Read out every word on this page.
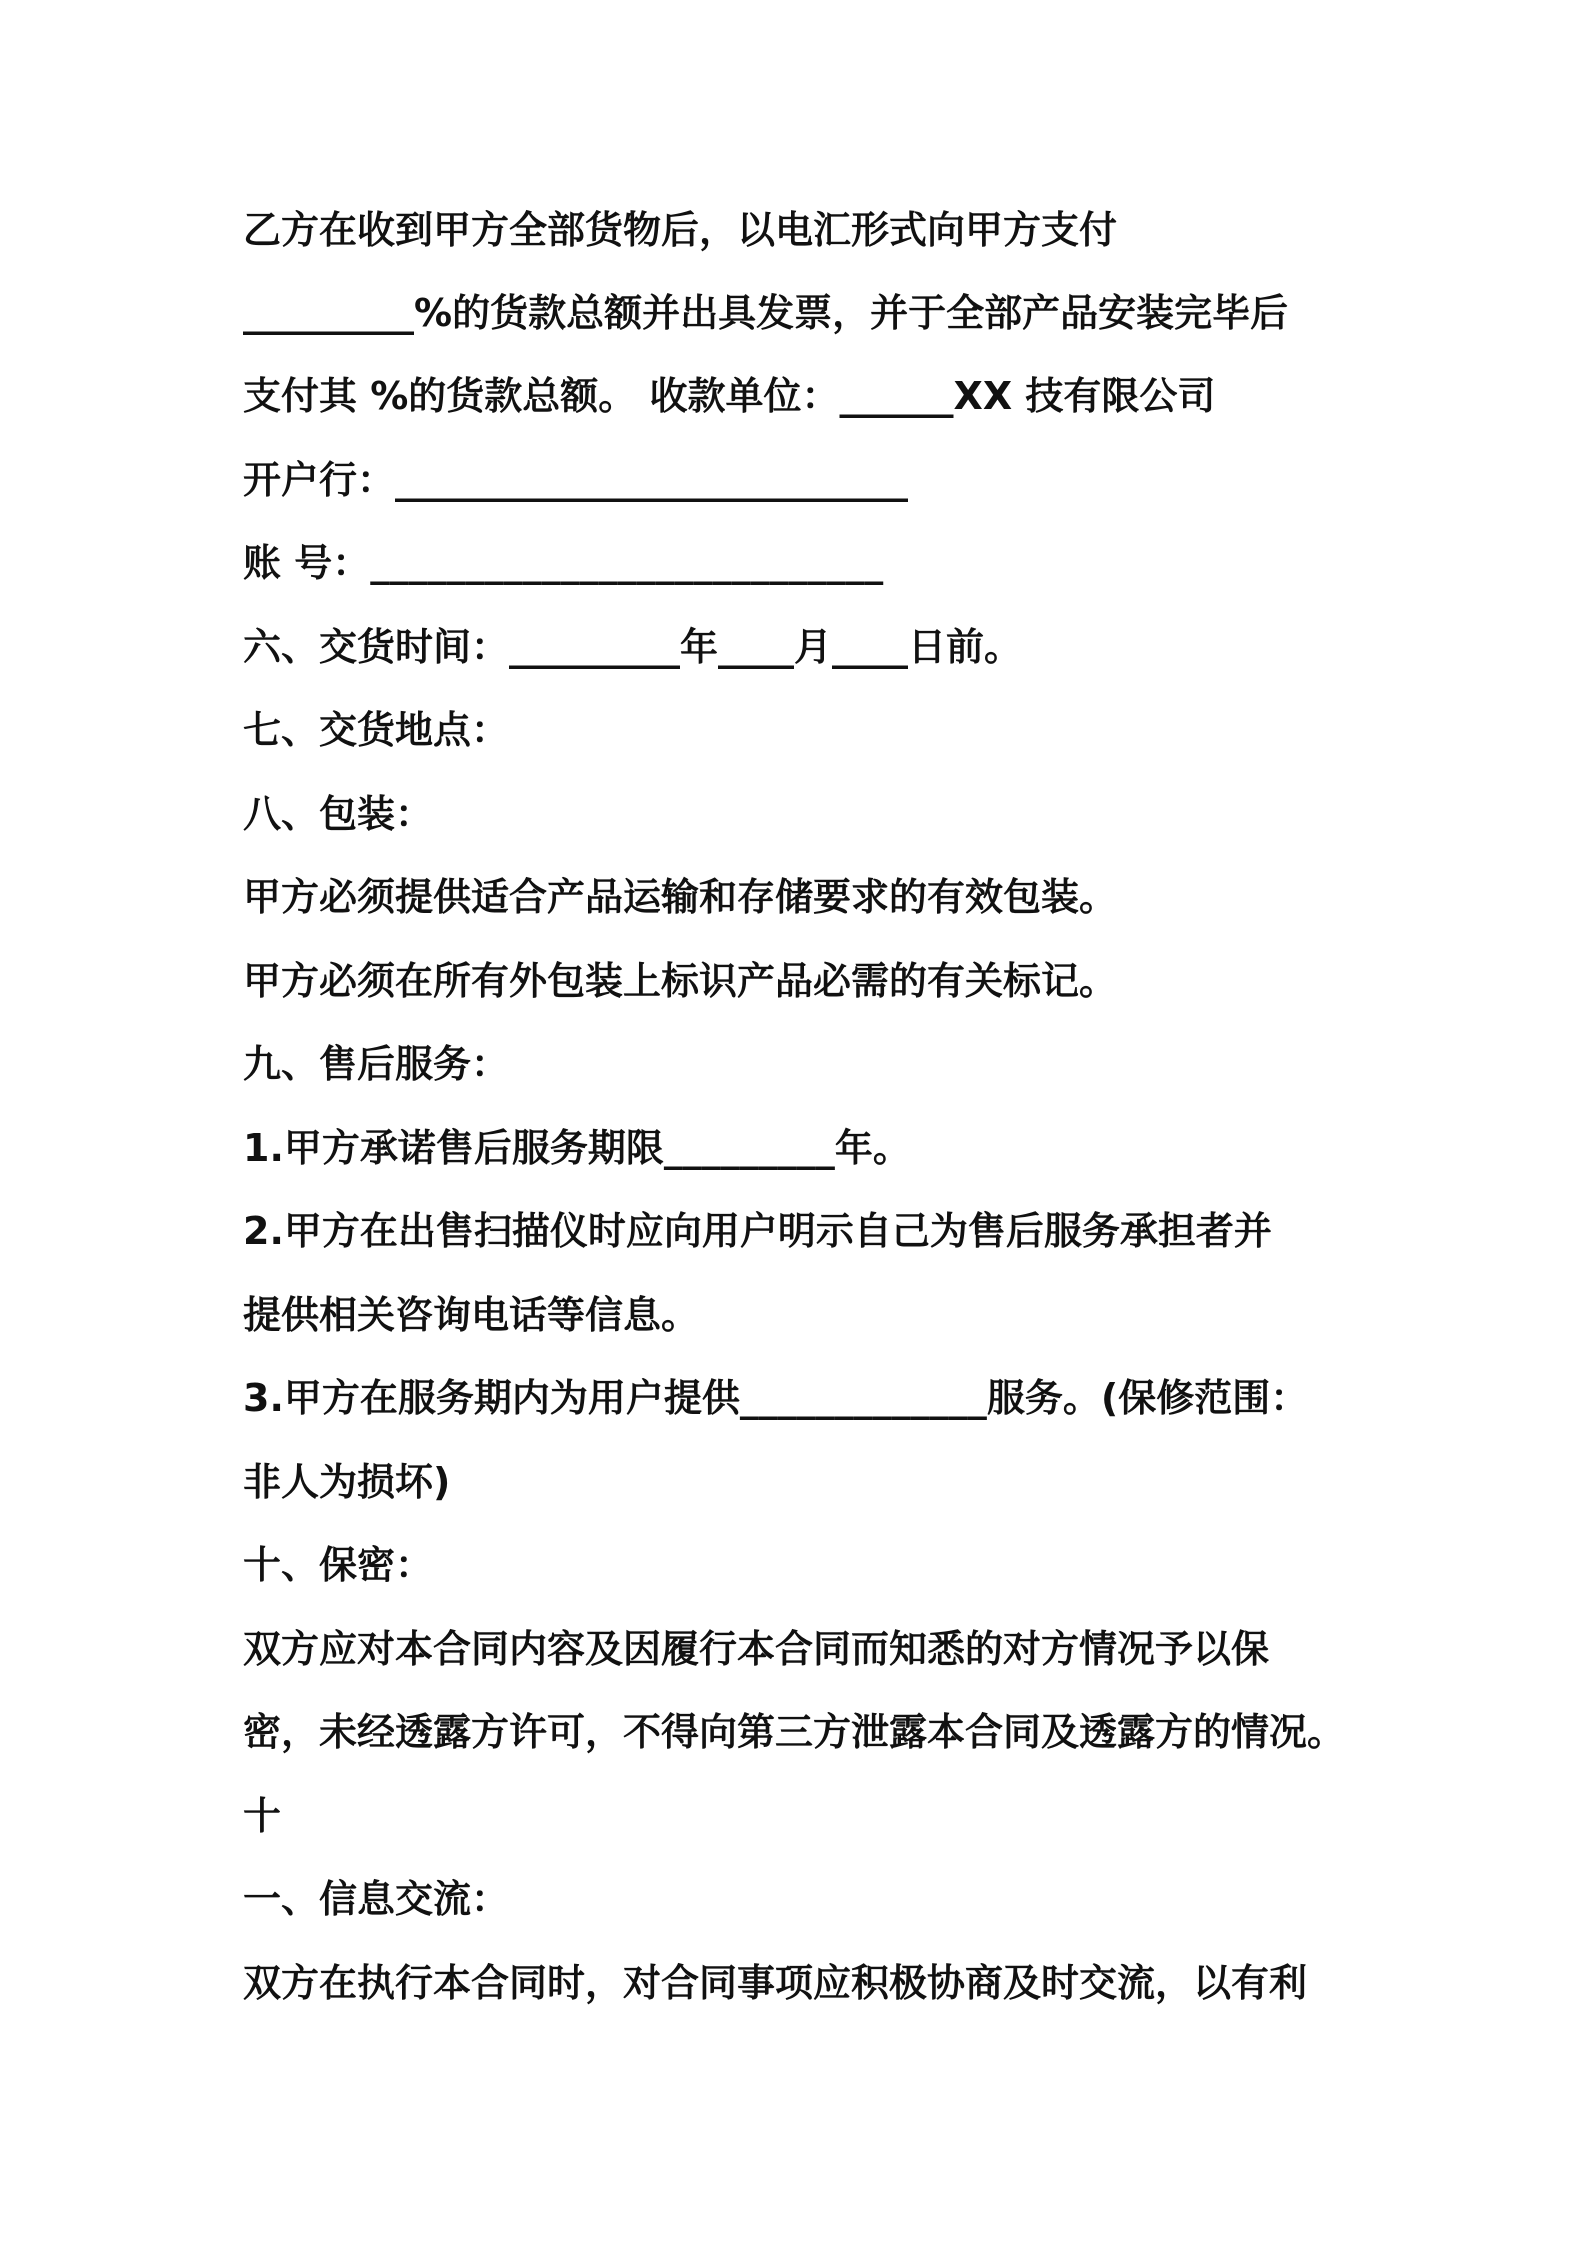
乙方在收到甲方全部货物后，以电汇形式向甲方支付
_________%的货款总额并出具发票，并于全部产品安装完毕后
支付其 %的货款总额。 收款单位：______XX 技有限公司
开户行：___________________________
账 号：___________________________
六、交货时间：_________年____月____日前。
七、交货地点：
八、包装：
甲方必须提供适合产品运输和存储要求的有效包装。
甲方必须在所有外包装上标识产品必需的有关标记。
九、售后服务：
1.甲方承诺售后服务期限_________年。
2.甲方在出售扫描仪时应向用户明示自己为售后服务承担者并
提供相关咨询电话等信息。
3.甲方在服务期内为用户提供_____________服务。(保修范围：
非人为损坏)
十、保密：
双方应对本合同内容及因履行本合同而知悉的对方情况予以保
密，未经透露方许可，不得向第三方泄露本合同及透露方的情况。
十
一、信息交流：
双方在执行本合同时，对合同事项应积极协商及时交流，以有利
